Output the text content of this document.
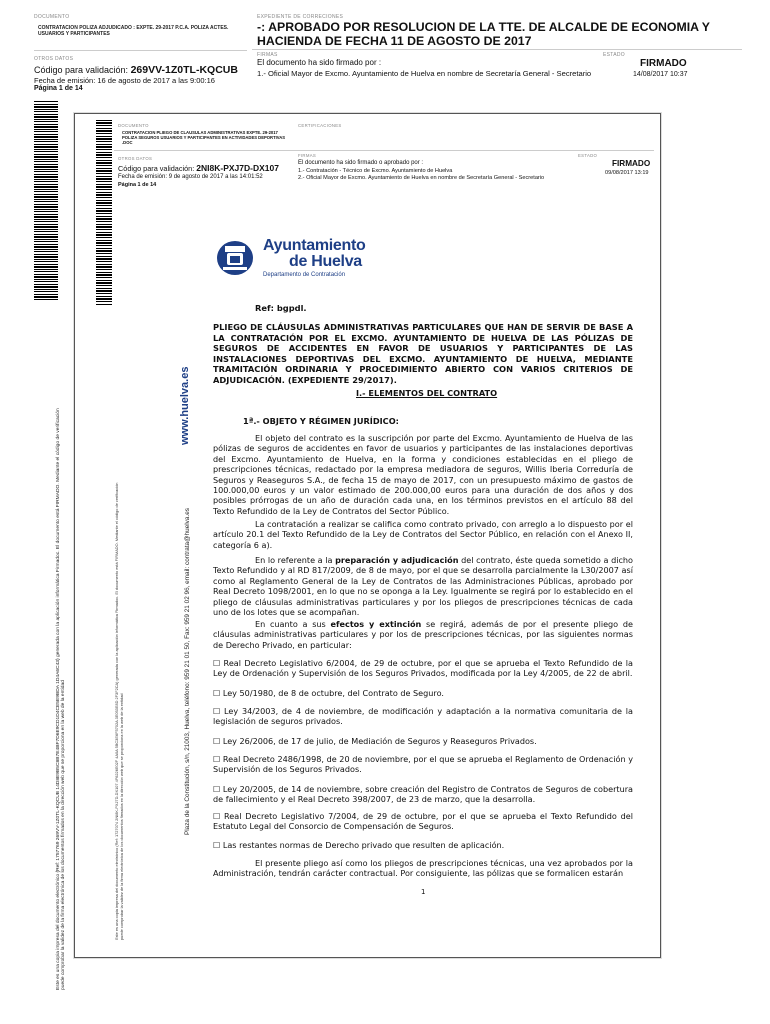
DOCUMENTO
CONTRATACION POLIZA ADJUDICADO : EXPTE. 29-2017 P.C.A. POLIZA ACTES. USUARIOS Y PARTICIPANTES
OTROS DATOS
Código para validación: 269VV-1Z0TL-KQCUB
Fecha de emisión: 16 de agosto de 2017 a las 9:00:16
Página 1 de 14
EXPEDIENTE DE CORRECIONES
-: APROBADO POR RESOLUCION DE LA TTE. DE ALCALDE DE ECONOMIA Y HACIENDA DE FECHA 11 DE AGOSTO DE 2017
FIRMAS
El documento ha sido firmado por :
1.- Oficial Mayor de Excmo. Ayuntamiento de Huelva en nombre de Secretaría General - Secretario
ESTADO
FIRMADO
14/08/2017 10:37
Este es una copia impresa del documento electrónico (Ref: 1757769 269VV-1Z0TL-KQCUB 14D8E9B5C8B7E4BF7D6E9CD1D4CE5E9BDA 1D4A6C43) generada con la aplicación informática Firmadoc. El documento está FIRMADO. Mediante el código de verificación puede comprobar la validez de la firma electrónica de los documentos firmados en la dirección web que se proporciona en la web de la entidad
DOCUMENTO
CONTRATACION PLIEGO DE CLAUSULAS ADMINISTRATIVAS EXPTE. 29-2017 POLIZA SEGUROS USUARIOS Y PARTICIPANTES EN ACTIVIDADES DEPORTIVAS .DOC
CERTIFICACIONES
OTROS DATOS
Código para validación: 2NI8K-PXJ7D-DX107
Fecha de emisión: 9 de agosto de 2017 a las 14:01:52
Página 1 de 14
FIRMAS
El documento ha sido firmado o aprobado por :
1.- Contratación - Técnico de Excmo. Ayuntamiento de Huelva
2.- Oficial Mayor de Excmo. Ayuntamiento de Huelva en nombre de Secretaría General - Secretario
ESTADO
FIRMADO
09/08/2017 13:19
Este es una copia impresa del documento electrónico (Ref: 1727074 2NI8K-PXJ7D-DX107 4F6226E02F 4A0A 5BC3E6F5702A 3E053E8D 2F3F2CA) generada con la aplicación informática Firmadoc. El documento está FIRMADO. Mediante el código de verificación puede comprobar la validez de la firma electrónica de los documentos firmados en la dirección web que se proporciona en la web de la entidad
www.huelva.es
Plaza de la Constitución, s/n, 21003, Huelva, teléfono: 959 21 01 50, Fax: 959 21 02 96, email: contrata@huelva.es
Ayuntamiento
de Huelva
Departamento de Contratación
Ref: bgpdl.
PLIEGO DE CLÁUSULAS ADMINISTRATIVAS PARTICULARES QUE HAN DE SERVIR DE BASE A LA CONTRATACIÓN POR EL EXCMO. AYUNTAMIENTO DE HUELVA DE LAS PÓLIZAS DE SEGUROS DE ACCIDENTES EN FAVOR DE USUARIOS Y PARTICIPANTES DE LAS INSTALACIONES DEPORTIVAS DEL EXCMO. AYUNTAMIENTO DE HUELVA, MEDIANTE TRAMITACIÓN ORDINARIA Y PROCEDIMIENTO ABIERTO CON VARIOS CRITERIOS DE ADJUDICACIÓN. (EXPEDIENTE 29/2017).
I.- ELEMENTOS DEL CONTRATO
1ª.- OBJETO Y RÉGIMEN JURÍDICO:

El objeto del contrato es la suscripción por parte del Excmo. Ayuntamiento de Huelva de las pólizas de seguros de accidentes en favor de usuarios y participantes de las instalaciones deportivas del Excmo. Ayuntamiento de Huelva, en la forma y condiciones establecidas en el pliego de prescripciones técnicas, redactado por la empresa mediadora de seguros, Willis Iberia Correduría de Seguros y Reaseguros S.A., de fecha 15 de mayo de 2017, con un presupuesto máximo de gastos de 100.000,00 euros y un valor estimado de 200.000,00 euros para una duración de dos años y dos posibles prórrogas de un año de duración cada una, en los términos previstos en el artículo 88 del Texto Refundido de la Ley de Contratos del Sector Público.

La contratación a realizar se califica como contrato privado, con arreglo a lo dispuesto por el artículo 20.1 del Texto Refundido de la Ley de Contratos del Sector Público, en relación con el Anexo II, categoría 6 a).

En lo referente a la preparación y adjudicación del contrato, éste queda sometido a dicho Texto Refundido y al RD 817/2009, de 8 de mayo, por el que se desarrolla parcialmente la L30/2007 así como al Reglamento General de la Ley de Contratos de las Administraciones Públicas, aprobado por Real Decreto 1098/2001, en lo que no se oponga a la Ley. Igualmente se regirá por lo establecido en el pliego de cláusulas administrativas particulares y por los pliegos de prescripciones técnicas de cada uno de los lotes que se acompañan.

En cuanto a sus efectos y extinción se regirá, además de por el presente pliego de cláusulas administrativas particulares y por los de prescripciones técnicas, por las siguientes normas de Derecho Privado, en particular:

☐ Real Decreto Legislativo 6/2004, de 29 de octubre, por el que se aprueba el Texto Refundido de la Ley de Ordenación y Supervisión de los Seguros Privados, modificada por la Ley 4/2005, de 22 de abril.

☐ Ley 50/1980, de 8 de octubre, del Contrato de Seguro.

☐ Ley 34/2003, de 4 de noviembre, de modificación y adaptación a la normativa comunitaria de la legislación de seguros privados.

☐ Ley 26/2006, de 17 de julio, de Mediación de Seguros y Reaseguros Privados.

☐ Real Decreto 2486/1998, de 20 de noviembre, por el que se aprueba el Reglamento de Ordenación y Supervisión de los Seguros Privados.

☐ Ley 20/2005, de 14 de noviembre, sobre creación del Registro de Contratos de Seguros de cobertura de fallecimiento y el Real Decreto 398/2007, de 23 de marzo, que la desarrolla.

☐ Real Decreto Legislativo 7/2004, de 29 de octubre, por el que se aprueba el Texto Refundido del Estatuto Legal del Consorcio de Compensación de Seguros.

☐ Las restantes normas de Derecho privado que resulten de aplicación.

El presente pliego así como los pliegos de prescripciones técnicas, una vez aprobados por la Administración, tendrán carácter contractual. Por consiguiente, las pólizas que se formalicen estarán

1
